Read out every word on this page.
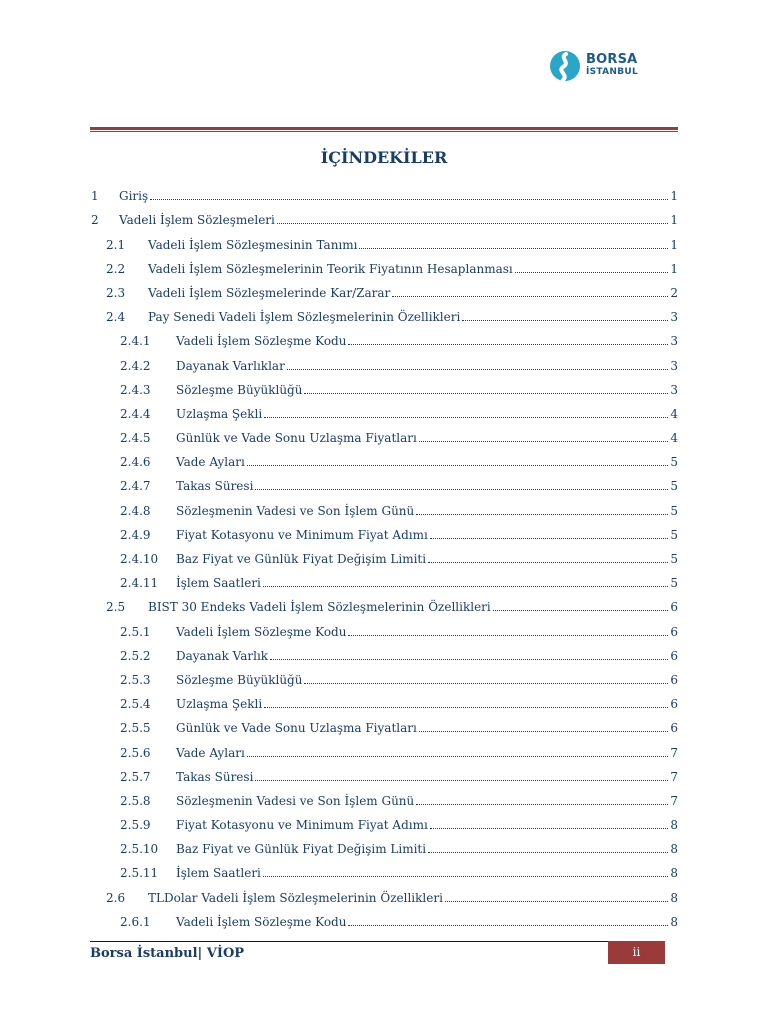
BORSA
İSTANBUL
İÇİNDEKİLER
1 Giriş	1
2 Vadeli İşlem Sözleşmeleri	1
2.1 Vadeli İşlem Sözleşmesinin Tanımı	1
2.2 Vadeli İşlem Sözleşmelerinin Teorik Fiyatının Hesaplanması	1
2.3 Vadeli İşlem Sözleşmelerinde Kar/Zarar	2
2.4 Pay Senedi Vadeli İşlem Sözleşmelerinin Özellikleri	3
2.4.1 Vadeli İşlem Sözleşme Kodu	3
2.4.2 Dayanak Varlıklar	3
2.4.3 Sözleşme Büyüklüğü	3
2.4.4 Uzlaşma Şekli	4
2.4.5 Günlük ve Vade Sonu Uzlaşma Fiyatları	4
2.4.6 Vade Ayları	5
2.4.7 Takas Süresi	5
2.4.8 Sözleşmenin Vadesi ve Son İşlem Günü	5
2.4.9 Fiyat Kotasyonu ve Minimum Fiyat Adımı	5
2.4.10 Baz Fiyat ve Günlük Fiyat Değişim Limiti	5
2.4.11 İşlem Saatleri	5
2.5 BIST 30 Endeks Vadeli İşlem Sözleşmelerinin Özellikleri	6
2.5.1 Vadeli İşlem Sözleşme Kodu	6
2.5.2 Dayanak Varlık	6
2.5.3 Sözleşme Büyüklüğü	6
2.5.4 Uzlaşma Şekli	6
2.5.5 Günlük ve Vade Sonu Uzlaşma Fiyatları	6
2.5.6 Vade Ayları	7
2.5.7 Takas Süresi	7
2.5.8 Sözleşmenin Vadesi ve Son İşlem Günü	7
2.5.9 Fiyat Kotasyonu ve Minimum Fiyat Adımı	8
2.5.10 Baz Fiyat ve Günlük Fiyat Değişim Limiti	8
2.5.11 İşlem Saatleri	8
2.6 TLDolar Vadeli İşlem Sözleşmelerinin Özellikleri	8
2.6.1 Vadeli İşlem Sözleşme Kodu	8
Borsa İstanbul| VİOP	ii
